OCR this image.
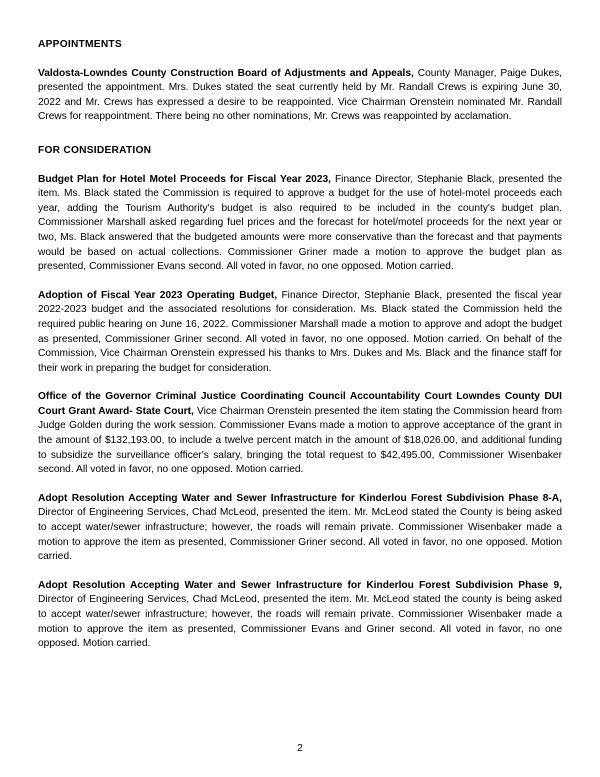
APPOINTMENTS

Valdosta-Lowndes County Construction Board of Adjustments and Appeals, County Manager, Paige Dukes, presented the appointment. Mrs. Dukes stated the seat currently held by Mr. Randall Crews is expiring June 30, 2022 and Mr. Crews has expressed a desire to be reappointed. Vice Chairman Orenstein nominated Mr. Randall Crews for reappointment. There being no other nominations, Mr. Crews was reappointed by acclamation.

FOR CONSIDERATION

Budget Plan for Hotel Motel Proceeds for Fiscal Year 2023, Finance Director, Stephanie Black, presented the item. Ms. Black stated the Commission is required to approve a budget for the use of hotel-motel proceeds each year, adding the Tourism Authority's budget is also required to be included in the county's budget plan. Commissioner Marshall asked regarding fuel prices and the forecast for hotel/motel proceeds for the next year or two, Ms. Black answered that the budgeted amounts were more conservative than the forecast and that payments would be based on actual collections. Commissioner Griner made a motion to approve the budget plan as presented, Commissioner Evans second. All voted in favor, no one opposed. Motion carried.

Adoption of Fiscal Year 2023 Operating Budget, Finance Director, Stephanie Black, presented the fiscal year 2022-2023 budget and the associated resolutions for consideration. Ms. Black stated the Commission held the required public hearing on June 16, 2022. Commissioner Marshall made a motion to approve and adopt the budget as presented, Commissioner Griner second. All voted in favor, no one opposed. Motion carried. On behalf of the Commission, Vice Chairman Orenstein expressed his thanks to Mrs. Dukes and Ms. Black and the finance staff for their work in preparing the budget for consideration.

Office of the Governor Criminal Justice Coordinating Council Accountability Court Lowndes County DUI Court Grant Award- State Court, Vice Chairman Orenstein presented the item stating the Commission heard from Judge Golden during the work session. Commissioner Evans made a motion to approve acceptance of the grant in the amount of $132,193.00, to include a twelve percent match in the amount of $18,026.00, and additional funding to subsidize the surveillance officer's salary, bringing the total request to $42,495.00, Commissioner Wisenbaker second. All voted in favor, no one opposed. Motion carried.

Adopt Resolution Accepting Water and Sewer Infrastructure for Kinderlou Forest Subdivision Phase 8-A, Director of Engineering Services, Chad McLeod, presented the item. Mr. McLeod stated the County is being asked to accept water/sewer infrastructure; however, the roads will remain private. Commissioner Wisenbaker made a motion to approve the item as presented, Commissioner Griner second. All voted in favor, no one opposed. Motion carried.

Adopt Resolution Accepting Water and Sewer Infrastructure for Kinderlou Forest Subdivision Phase 9, Director of Engineering Services, Chad McLeod, presented the item. Mr. McLeod stated the county is being asked to accept water/sewer infrastructure; however, the roads will remain private. Commissioner Wisenbaker made a motion to approve the item as presented, Commissioner Evans and Griner second. All voted in favor, no one opposed. Motion carried.

2
